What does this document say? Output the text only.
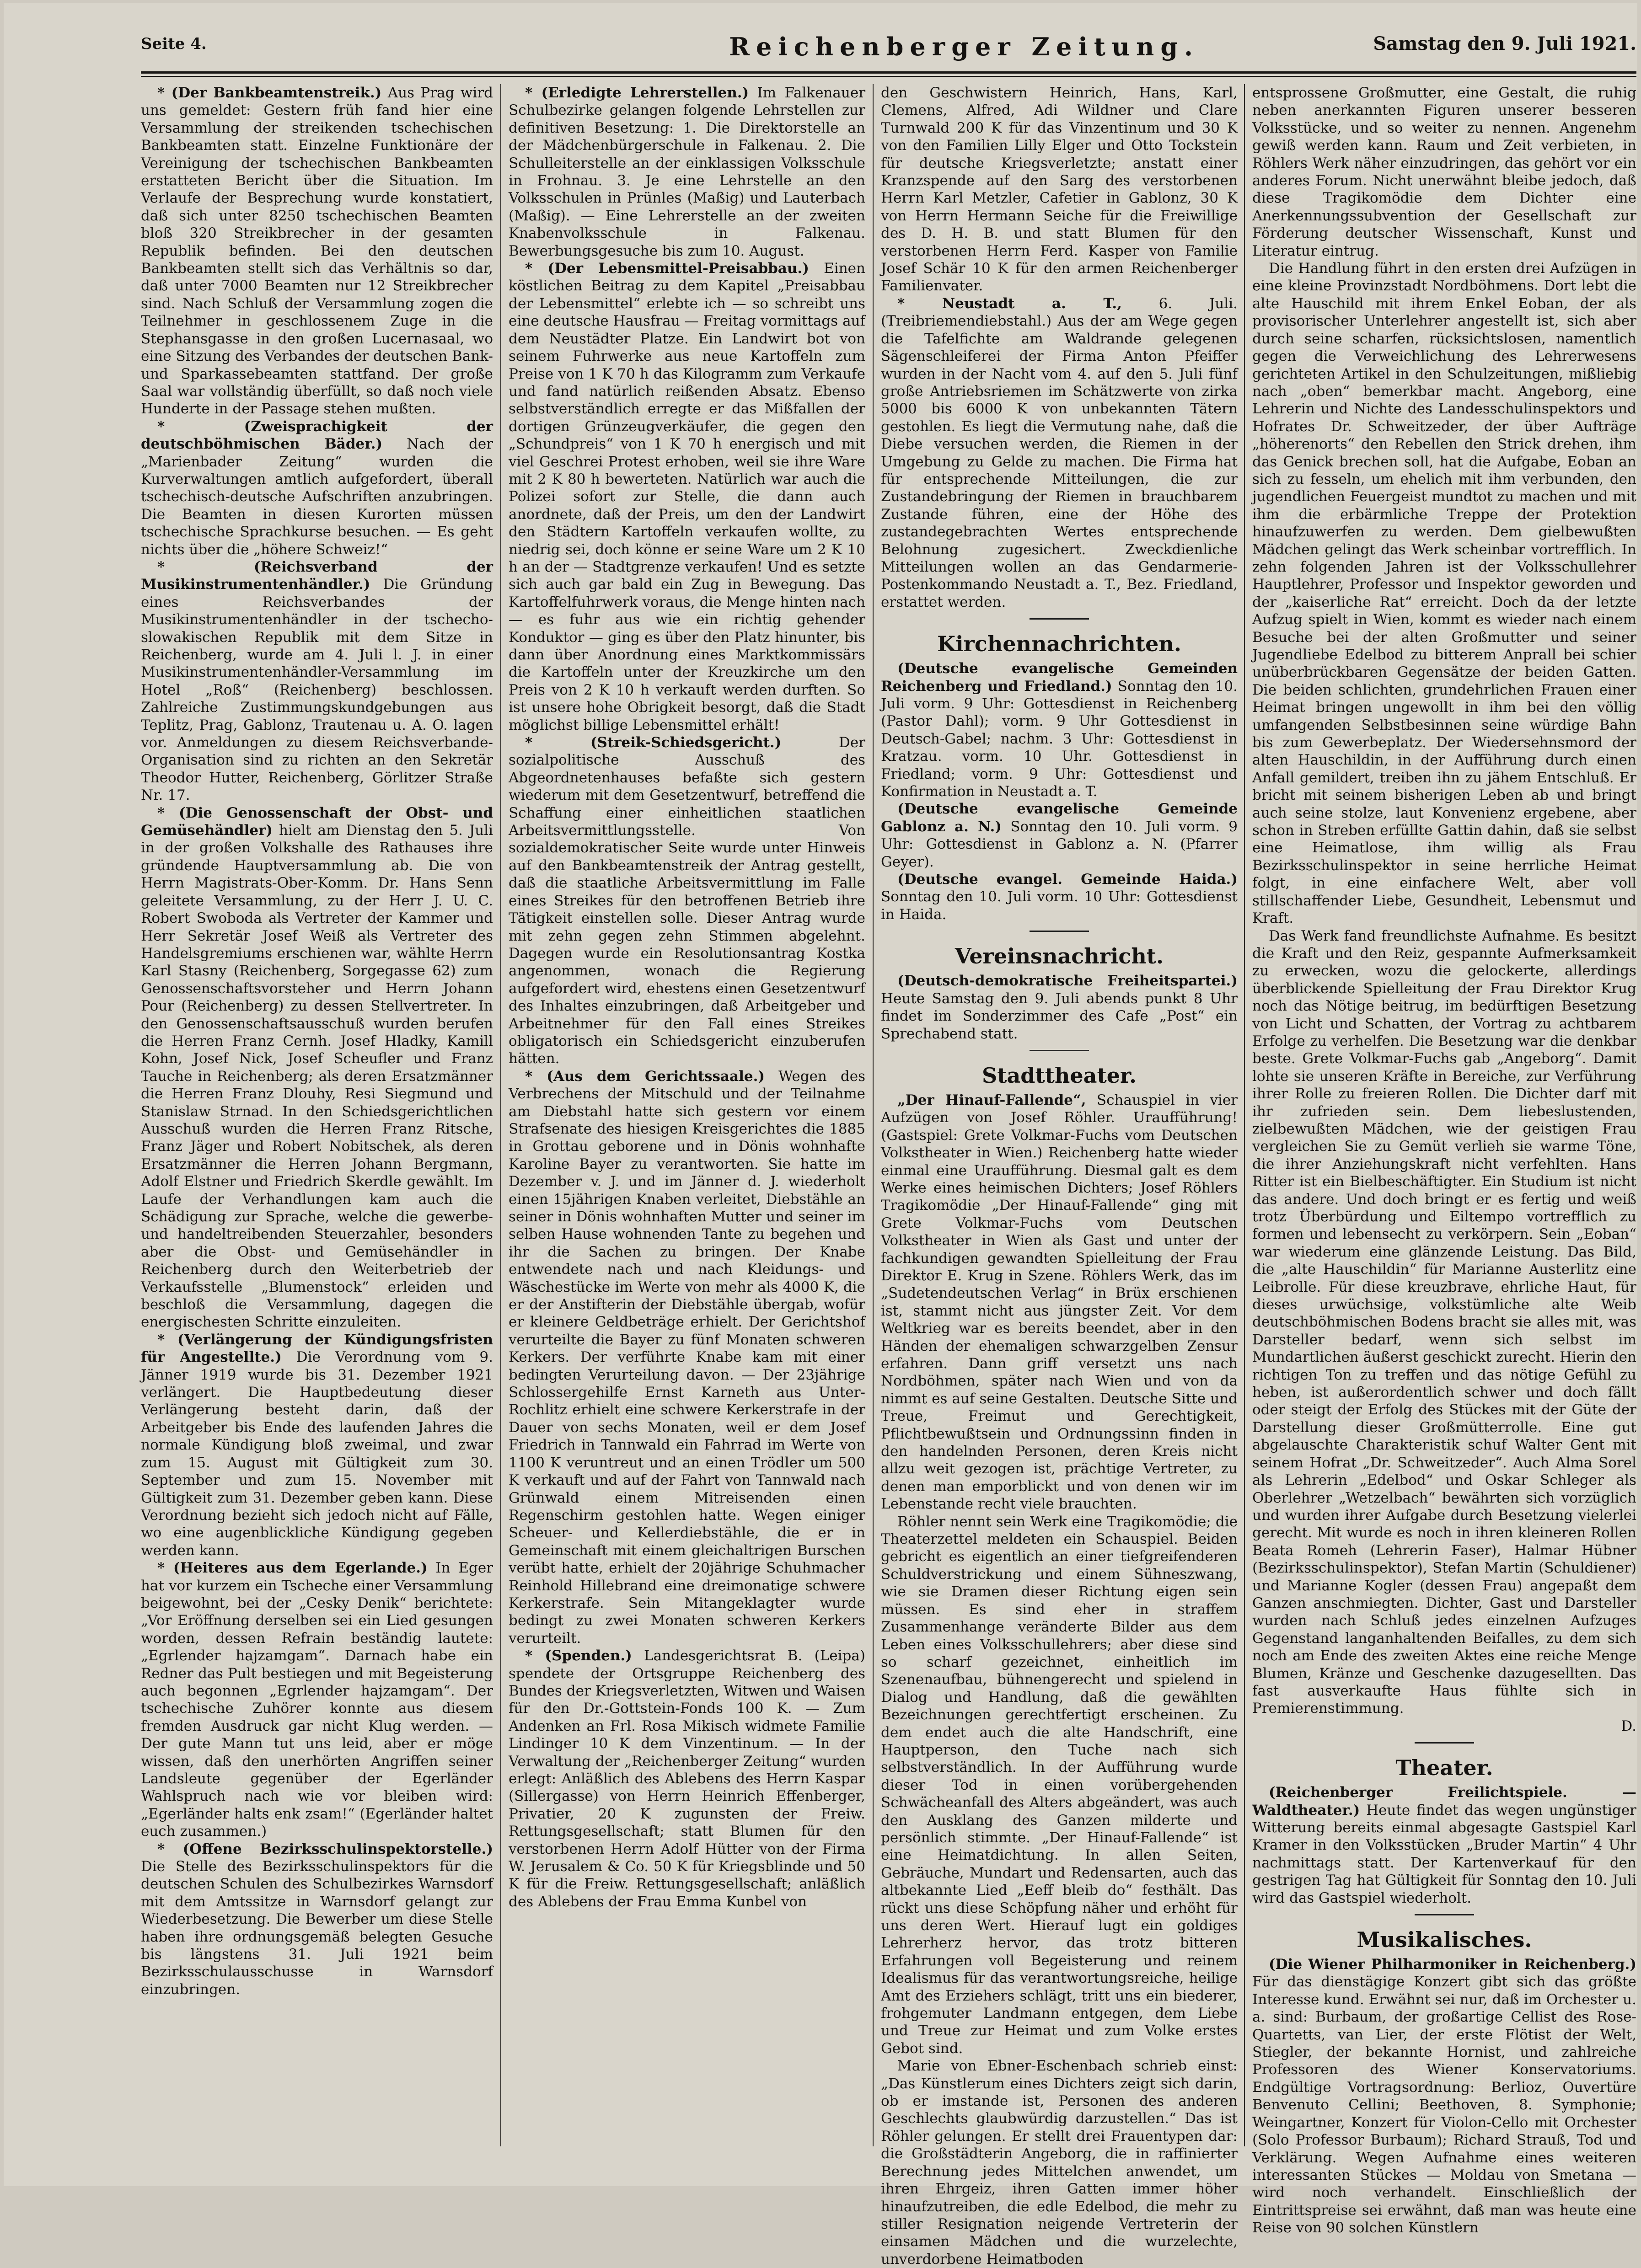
Seite 4.	Reichenberger Zeitung.	Samstag den 9. Juli 1921.

* (Der Bankbeamtenstreik.) Aus Prag wird uns gemeldet: Gestern früh fand hier eine Versammlung der streikenden tschechischen Bankbeamten statt. Einzelne Funktionäre der Vereinigung der tschechischen Bankbeamten erstatteten Bericht über die Situation. Im Verlaufe der Besprechung wurde konstatiert, daß sich unter 8250 tschechischen Beamten bloß 320 Streikbrecher in der gesamten Republik befinden. Bei den deutschen Bankbeamten stellt sich das Verhältnis so dar, daß unter 7000 Beamten nur 12 Streikbrecher sind. Nach Schluß der Versammlung zogen die Teilnehmer in geschlossenem Zuge in die Stephansgasse in den großen Lucernasaal, wo eine Sitzung des Verbandes der deutschen Bank- und Sparkassebeamten stattfand. Der große Saal war vollständig überfüllt, so daß noch viele Hunderte in der Passage stehen mußten.

* (Zweisprachigkeit der deutschböhmischen Bäder.) Nach der „Marienbader Zeitung“ wurden die Kurverwaltungen amtlich aufgefordert, überall tschechisch-deutsche Aufschriften anzubringen. Die Beamten in diesen Kurorten müssen tschechische Sprachkurse besuchen. — Es geht nichts über die „höhere Schweiz!“

* (Reichsverband der Musikinstrumentenhändler.) Die Gründung eines Reichsverbandes der Musikinstrumentenhändler in der tschecho-slowakischen Republik mit dem Sitze in Reichenberg, wurde am 4. Juli l. J. in einer Musikinstrumentenhändler-Versammlung im Hotel „Roß“ (Reichenberg) beschlossen. Zahlreiche Zustimmungskundgebungen aus Teplitz, Prag, Gablonz, Trautenau u. A. O. lagen vor. Anmeldungen zu diesem Reichsverbande-Organisation sind zu richten an den Sekretär Theodor Hutter, Reichenberg, Görlitzer Straße Nr. 17.

* (Die Genossenschaft der Obst- und Gemüsehändler) hielt am Dienstag den 5. Juli in der großen Volkshalle des Rathauses ihre gründende Hauptversammlung ab. Die von Herrn Magistrats-Ober-Komm. Dr. Hans Senn geleitete Versammlung, zu der Herr J. U. C. Robert Swoboda als Vertreter der Kammer und Herr Sekretär Josef Weiß als Vertreter des Handelsgremiums erschienen war, wählte Herrn Karl Stasny (Reichenberg, Sorgegasse 62) zum Genossenschaftsvorsteher und Herrn Johann Pour (Reichenberg) zu dessen Stellvertreter. In den Genossenschaftsausschuß wurden berufen die Herren Franz Cernh. Josef Hladky, Kamill Kohn, Josef Nick, Josef Scheufler und Franz Tauche in Reichenberg; als deren Ersatzmänner die Herren Franz Dlouhy, Resi Siegmund und Stanislaw Strnad. In den Schiedsgerichtlichen Ausschuß wurden die Herren Franz Ritsche, Franz Jäger und Robert Nobitschek, als deren Ersatzmänner die Herren Johann Bergmann, Adolf Elstner und Friedrich Skerdle gewählt. Im Laufe der Verhandlungen kam auch die Schädigung zur Sprache, welche die gewerbe- und handeltreibenden Steuerzahler, besonders aber die Obst- und Gemüsehändler in Reichenberg durch den Weiterbetrieb der Verkaufsstelle „Blumenstock“ erleiden und beschloß die Versammlung, dagegen die energischesten Schritte einzuleiten.

* (Verlängerung der Kündigungsfristen für Angestellte.) Die Verordnung vom 9. Jänner 1919 wurde bis 31. Dezember 1921 verlängert. Die Hauptbedeutung dieser Verlängerung besteht darin, daß der Arbeitgeber bis Ende des laufenden Jahres die normale Kündigung bloß zweimal, und zwar zum 15. August mit Gültigkeit zum 30. September und zum 15. November mit Gültigkeit zum 31. Dezember geben kann. Diese Verordnung bezieht sich jedoch nicht auf Fälle, wo eine augenblickliche Kündigung gegeben werden kann.

* (Heiteres aus dem Egerlande.) In Eger hat vor kurzem ein Tscheche einer Versammlung beigewohnt, bei der „Cesky Denik“ berichtete: „Vor Eröffnung derselben sei ein Lied gesungen worden, dessen Refrain beständig lautete: „Egrlender hajzamgam“. Darnach habe ein Redner das Pult bestiegen und mit Begeisterung auch begonnen „Egrlender hajzamgam“. Der tschechische Zuhörer konnte aus diesem fremden Ausdruck gar nicht Klug werden. — Der gute Mann tut uns leid, aber er möge wissen, daß den unerhörten Angriffen seiner Landsleute gegenüber der Egerländer Wahlspruch nach wie vor bleiben wird: „Egerländer halts enk zsam!“ (Egerländer haltet euch zusammen.)

* (Offene Bezirksschulinspektorstelle.) Die Stelle des Bezirksschulinspektors für die deutschen Schulen des Schulbezirkes Warnsdorf mit dem Amtssitze in Warnsdorf gelangt zur Wiederbesetzung. Die Bewerber um diese Stelle haben ihre ordnungsgemäß belegten Gesuche bis längstens 31. Juli 1921 beim Bezirksschulausschusse in Warnsdorf einzubringen.

* (Erledigte Lehrerstellen.) Im Falkenauer Schulbezirke gelangen folgende Lehrstellen zur definitiven Besetzung: 1. Die Direktorstelle an der Mädchenbürgerschule in Falkenau. 2. Die Schulleiterstelle an der einklassigen Volksschule in Frohnau. 3. Je eine Lehrstelle an den Volksschulen in Prünles (Maßig) und Lauterbach (Maßig). — Eine Lehrerstelle an der zweiten Knabenvolksschule in Falkenau. Bewerbungsgesuche bis zum 10. August.

* (Der Lebensmittel-Preisabbau.) Einen köstlichen Beitrag zu dem Kapitel „Preisabbau der Lebensmittel“ erlebte ich — so schreibt uns eine deutsche Hausfrau — Freitag vormittags auf dem Neustädter Platze. Ein Landwirt bot von seinem Fuhrwerke aus neue Kartoffeln zum Preise von 1 K 70 h das Kilogramm zum Verkaufe und fand natürlich reißenden Absatz. Ebenso selbstverständlich erregte er das Mißfallen der dortigen Grünzeugverkäufer, die gegen den „Schundpreis“ von 1 K 70 h energisch und mit viel Geschrei Protest erhoben, weil sie ihre Ware mit 2 K 80 h bewerteten. Natürlich war auch die Polizei sofort zur Stelle, die dann auch anordnete, daß der Preis, um den der Landwirt den Städtern Kartoffeln verkaufen wollte, zu niedrig sei, doch könne er seine Ware um 2 K 10 h an der — Stadtgrenze verkaufen! Und es setzte sich auch gar bald ein Zug in Bewegung. Das Kartoffelfuhrwerk voraus, die Menge hinten nach — es fuhr aus wie ein richtig gehender Konduktor — ging es über den Platz hinunter, bis dann über Anordnung eines Marktkommissärs die Kartoffeln unter der Kreuzkirche um den Preis von 2 K 10 h verkauft werden durften. So ist unsere hohe Obrigkeit besorgt, daß die Stadt möglichst billige Lebensmittel erhält!

* (Streik-Schiedsgericht.) Der sozialpolitische Ausschuß des Abgeordnetenhauses befaßte sich gestern wiederum mit dem Gesetzentwurf, betreffend die Schaffung einer einheitlichen staatlichen Arbeitsvermittlungsstelle. Von sozialdemokratischer Seite wurde unter Hinweis auf den Bankbeamtenstreik der Antrag gestellt, daß die staatliche Arbeitsvermittlung im Falle eines Streikes für den betroffenen Betrieb ihre Tätigkeit einstellen solle. Dieser Antrag wurde mit zehn gegen zehn Stimmen abgelehnt. Dagegen wurde ein Resolutionsantrag Kostka angenommen, wonach die Regierung aufgefordert wird, ehestens einen Gesetzentwurf des Inhaltes einzubringen, daß Arbeitgeber und Arbeitnehmer für den Fall eines Streikes obligatorisch ein Schiedsgericht einzuberufen hätten.

* (Aus dem Gerichtssaale.) Wegen des Verbrechens der Mitschuld und der Teilnahme am Diebstahl hatte sich gestern vor einem Strafsenate des hiesigen Kreisgerichtes die 1885 in Grottau geborene und in Dönis wohnhafte Karoline Bayer zu verantworten. Sie hatte im Dezember v. J. und im Jänner d. J. wiederholt einen 15jährigen Knaben verleitet, Diebstähle an seiner in Dönis wohnhaften Mutter und seiner im selben Hause wohnenden Tante zu begehen und ihr die Sachen zu bringen. Der Knabe entwendete nach und nach Kleidungs- und Wäschestücke im Werte von mehr als 4000 K, die er der Anstifterin der Diebstähle übergab, wofür er kleinere Geldbeträge erhielt. Der Gerichtshof verurteilte die Bayer zu fünf Monaten schweren Kerkers. Der verführte Knabe kam mit einer bedingten Verurteilung davon. — Der 23jährige Schlossergehilfe Ernst Karneth aus Unter-Rochlitz erhielt eine schwere Kerkerstrafe in der Dauer von sechs Monaten, weil er dem Josef Friedrich in Tannwald ein Fahrrad im Werte von 1100 K veruntreut und an einen Trödler um 500 K verkauft und auf der Fahrt von Tannwald nach Grünwald einem Mitreisenden einen Regenschirm gestohlen hatte. Wegen einiger Scheuer- und Kellerdiebstähle, die er in Gemeinschaft mit einem gleichaltrigen Burschen verübt hatte, erhielt der 20jährige Schuhmacher Reinhold Hillebrand eine dreimonatige schwere Kerkerstrafe. Sein Mitangeklagter wurde bedingt zu zwei Monaten schweren Kerkers verurteilt.

* (Spenden.) Landesgerichtsrat B. (Leipa) spendete der Ortsgruppe Reichenberg des Bundes der Kriegsverletzten, Witwen und Waisen für den Dr.-Gottstein-Fonds 100 K. — Zum Andenken an Frl. Rosa Mikisch widmete Familie Lindinger 10 K dem Vinzentinum. — In der Verwaltung der „Reichenberger Zeitung“ wurden erlegt: Anläßlich des Ablebens des Herrn Kaspar (Sillergasse) von Herrn Heinrich Effenberger, Privatier, 20 K zugunsten der Freiw. Rettungsgesellschaft; statt Blumen für den verstorbenen Herrn Adolf Hütter von der Firma W. Jerusalem & Co. 50 K für Kriegsblinde und 50 K für die Freiw. Rettungsgesellschaft; anläßlich des Ablebens der Frau Emma Kunbel von

den Geschwistern Heinrich, Hans, Karl, Clemens, Alfred, Adi Wildner und Clare Turnwald 200 K für das Vinzentinum und 30 K von den Familien Lilly Elger und Otto Tockstein für deutsche Kriegsverletzte; anstatt einer Kranzspende auf den Sarg des verstorbenen Herrn Karl Metzler, Cafetier in Gablonz, 30 K von Herrn Hermann Seiche für die Freiwillige des D. H. B. und statt Blumen für den verstorbenen Herrn Ferd. Kasper von Familie Josef Schär 10 K für den armen Reichenberger Familienvater.

* Neustadt a. T., 6. Juli. (Treibriemendiebstahl.) Aus der am Wege gegen die Tafelfichte am Waldrande gelegenen Sägenschleiferei der Firma Anton Pfeiffer wurden in der Nacht vom 4. auf den 5. Juli fünf große Antriebsriemen im Schätzwerte von zirka 5000 bis 6000 K von unbekannten Tätern gestohlen. Es liegt die Vermutung nahe, daß die Diebe versuchen werden, die Riemen in der Umgebung zu Gelde zu machen. Die Firma hat für entsprechende Mitteilungen, die zur Zustandebringung der Riemen in brauchbarem Zustande führen, eine der Höhe des zustandegebrachten Wertes entsprechende Belohnung zugesichert. Zweckdienliche Mitteilungen wollen an das Gendarmerie-Postenkommando Neustadt a. T., Bez. Friedland, erstattet werden.

Kirchennachrichten.

(Deutsche evangelische Gemeinden Reichenberg und Friedland.) Sonntag den 10. Juli vorm. 9 Uhr: Gottesdienst in Reichenberg (Pastor Dahl); vorm. 9 Uhr Gottesdienst in Deutsch-Gabel; nachm. 3 Uhr: Gottesdienst in Kratzau. vorm. 10 Uhr. Gottesdienst in Friedland; vorm. 9 Uhr: Gottesdienst und Konfirmation in Neustadt a. T.

(Deutsche evangelische Gemeinde Gablonz a. N.) Sonntag den 10. Juli vorm. 9 Uhr: Gottesdienst in Gablonz a. N. (Pfarrer Geyer).

(Deutsche evangel. Gemeinde Haida.) Sonntag den 10. Juli vorm. 10 Uhr: Gottesdienst in Haida.

Vereinsnachricht.

(Deutsch-demokratische Freiheitspartei.) Heute Samstag den 9. Juli abends punkt 8 Uhr findet im Sonderzimmer des Cafe „Post“ ein Sprechabend statt.

Stadttheater.

„Der Hinauf-Fallende“, Schauspiel in vier Aufzügen von Josef Röhler. Uraufführung! (Gastspiel: Grete Volkmar-Fuchs vom Deutschen Volkstheater in Wien.) Reichenberg hatte wieder einmal eine Uraufführung. Diesmal galt es dem Werke eines heimischen Dichters; Josef Röhlers Tragikomödie „Der Hinauf-Fallende“ ging mit Grete Volkmar-Fuchs vom Deutschen Volkstheater in Wien als Gast und unter der fachkundigen gewandten Spielleitung der Frau Direktor E. Krug in Szene. Röhlers Werk, das im „Sudetendeutschen Verlag“ in Brüx erschienen ist, stammt nicht aus jüngster Zeit. Vor dem Weltkrieg war es bereits beendet, aber in den Händen der ehemaligen schwarzgelben Zensur erfahren. Dann griff versetzt uns nach Nordböhmen, später nach Wien und von da nimmt es auf seine Gestalten. Deutsche Sitte und Treue, Freimut und Gerechtigkeit, Pflichtbewußtsein und Ordnungssinn finden in den handelnden Personen, deren Kreis nicht allzu weit gezogen ist, prächtige Vertreter, zu denen man emporblickt und von denen wir im Lebenstande recht viele brauchten.

Röhler nennt sein Werk eine Tragikomödie; die Theaterzettel meldeten ein Schauspiel. Beiden gebricht es eigentlich an einer tiefgreifenderen Schuldverstrickung und einem Sühneszwang, wie sie Dramen dieser Richtung eigen sein müssen. Es sind eher in straffem Zusammenhange veränderte Bilder aus dem Leben eines Volksschullehrers; aber diese sind so scharf gezeichnet, einheitlich im Szenenaufbau, bühnengerecht und spielend in Dialog und Handlung, daß die gewählten Bezeichnungen gerechtfertigt erscheinen. Zu dem endet auch die alte Handschrift, eine Hauptperson, den Tuche nach sich selbstverständlich. In der Aufführung wurde dieser Tod in einen vorübergehenden Schwächeanfall des Alters abgeändert, was auch den Ausklang des Ganzen milderte und persönlich stimmte. „Der Hinauf-Fallende“ ist eine Heimatdichtung. In allen Seiten, Gebräuche, Mundart und Redensarten, auch das altbekannte Lied „Eeff bleib do“ festhält. Das rückt uns diese Schöpfung näher und erhöht für uns deren Wert. Hierauf lugt ein goldiges Lehrerherz hervor, das trotz bitteren Erfahrungen voll Begeisterung und reinem Idealismus für das verantwortungsreiche, heilige Amt des Erziehers schlägt, tritt uns ein biederer, frohgemuter Landmann entgegen, dem Liebe und Treue zur Heimat und zum Volke erstes Gebot sind.

Marie von Ebner-Eschenbach schrieb einst: „Das Künstlerum eines Dichters zeigt sich darin, ob er imstande ist, Personen des anderen Geschlechts glaubwürdig darzustellen.“ Das ist Röhler gelungen. Er stellt drei Frauentypen dar: die Großstädterin Angeborg, die in raffinierter Berechnung jedes Mittelchen anwendet, um ihren Ehrgeiz, ihren Gatten immer höher hinaufzutreiben, die edle Edelbod, die mehr zu stiller Resignation neigende Vertreterin der einsamen Mädchen und die wurzelechte, unverdorbene Heimatboden

entsprossene Großmutter, eine Gestalt, die ruhig neben anerkannten Figuren unserer besseren Volksstücke, und so weiter zu nennen. Angenehm gewiß werden kann. Raum und Zeit verbieten, in Röhlers Werk näher einzudringen, das gehört vor ein anderes Forum. Nicht unerwähnt bleibe jedoch, daß diese Tragikomödie dem Dichter eine Anerkennungssubvention der Gesellschaft zur Förderung deutscher Wissenschaft, Kunst und Literatur eintrug.

Die Handlung führt in den ersten drei Aufzügen in eine kleine Provinzstadt Nordböhmens. Dort lebt die alte Hauschild mit ihrem Enkel Eoban, der als provisorischer Unterlehrer angestellt ist, sich aber durch seine scharfen, rücksichtslosen, namentlich gegen die Verweichlichung des Lehrerwesens gerichteten Artikel in den Schulzeitungen, mißliebig nach „oben“ bemerkbar macht. Angeborg, eine Lehrerin und Nichte des Landesschulinspektors und Hofrates Dr. Schweitzeder, der über Aufträge „höherenorts“ den Rebellen den Strick drehen, ihm das Genick brechen soll, hat die Aufgabe, Eoban an sich zu fesseln, um ehelich mit ihm verbunden, den jugendlichen Feuergeist mundtot zu machen und mit ihm die erbärmliche Treppe der Protektion hinaufzuwerfen zu werden. Dem gielbewußten Mädchen gelingt das Werk scheinbar vortrefflich. In zehn folgenden Jahren ist der Volksschullehrer Hauptlehrer, Professor und Inspektor geworden und der „kaiserliche Rat“ erreicht. Doch da der letzte Aufzug spielt in Wien, kommt es wieder nach einem Besuche bei der alten Großmutter und seiner Jugendliebe Edelbod zu bitterem Anprall bei schier unüberbrückbaren Gegensätze der beiden Gatten. Die beiden schlichten, grundehrlichen Frauen einer Heimat bringen ungewollt in ihm bei den völlig umfangenden Selbstbesinnen seine würdige Bahn bis zum Gewerbeplatz. Der Wiedersehnsmord der alten Hauschildin, in der Aufführung durch einen Anfall gemildert, treiben ihn zu jähem Entschluß. Er bricht mit seinem bisherigen Leben ab und bringt auch seine stolze, laut Konvenienz ergebene, aber schon in Streben erfüllte Gattin dahin, daß sie selbst eine Heimatlose, ihm willig als Frau Bezirksschulinspektor in seine herrliche Heimat folgt, in eine einfachere Welt, aber voll stillschaffender Liebe, Gesundheit, Lebensmut und Kraft.

Das Werk fand freundlichste Aufnahme. Es besitzt die Kraft und den Reiz, gespannte Aufmerksamkeit zu erwecken, wozu die gelockerte, allerdings überblickende Spielleitung der Frau Direktor Krug noch das Nötige beitrug, im bedürftigen Besetzung von Licht und Schatten, der Vortrag zu achtbarem Erfolge zu verhelfen. Die Besetzung war die denkbar beste. Grete Volkmar-Fuchs gab „Angeborg“. Damit lohte sie unseren Kräfte in Bereiche, zur Verführung ihrer Rolle zu freieren Rollen. Die Dichter darf mit ihr zufrieden sein. Dem liebeslustenden, zielbewußten Mädchen, wie der geistigen Frau vergleichen Sie zu Gemüt verlieh sie warme Töne, die ihrer Anziehungskraft nicht verfehlten. Hans Ritter ist ein Bielbeschäftigter. Ein Studium ist nicht das andere. Und doch bringt er es fertig und weiß trotz Überbürdung und Eiltempo vortrefflich zu formen und lebensecht zu verkörpern. Sein „Eoban“ war wiederum eine glänzende Leistung. Das Bild, die „alte Hauschildin“ für Marianne Austerlitz eine Leibrolle. Für diese kreuzbrave, ehrliche Haut, für dieses urwüchsige, volkstümliche alte Weib deutschböhmischen Bodens bracht sie alles mit, was Darsteller bedarf, wenn sich selbst im Mundartlichen äußerst geschickt zurecht. Hierin den richtigen Ton zu treffen und das nötige Gefühl zu heben, ist außerordentlich schwer und doch fällt oder steigt der Erfolg des Stückes mit der Güte der Darstellung dieser Großmütterrolle. Eine gut abgelauschte Charakteristik schuf Walter Gent mit seinem Hofrat „Dr. Schweitzeder“. Auch Alma Sorel als Lehrerin „Edelbod“ und Oskar Schleger als Oberlehrer „Wetzelbach“ bewährten sich vorzüglich und wurden ihrer Aufgabe durch Besetzung vielerlei gerecht. Mit wurde es noch in ihren kleineren Rollen Beata Romeh (Lehrerin Faser), Halmar Hübner (Bezirksschulinspektor), Stefan Martin (Schuldiener) und Marianne Kogler (dessen Frau) angepaßt dem Ganzen anschmiegten. Dichter, Gast und Darsteller wurden nach Schluß jedes einzelnen Aufzuges Gegenstand langanhaltenden Beifalles, zu dem sich noch am Ende des zweiten Aktes eine reiche Menge Blumen, Kränze und Geschenke dazugesellten. Das fast ausverkaufte Haus fühlte sich in Premierenstimmung.

D.

Theater.

(Reichenberger Freilichtspiele. — Waldtheater.) Heute findet das wegen ungünstiger Witterung bereits einmal abgesagte Gastspiel Karl Kramer in den Volksstücken „Bruder Martin“ 4 Uhr nachmittags statt. Der Kartenverkauf für den gestrigen Tag hat Gültigkeit für Sonntag den 10. Juli wird das Gastspiel wiederholt.

Musikalisches.

(Die Wiener Philharmoniker in Reichenberg.) Für das dienstägige Konzert gibt sich das größte Interesse kund. Erwähnt sei nur, daß im Orchester u. a. sind: Burbaum, der großartige Cellist des Rose-Quartetts, van Lier, der erste Flötist der Welt, Stiegler, der bekannte Hornist, und zahlreiche Professoren des Wiener Konservatoriums. Endgültige Vortragsordnung: Berlioz, Ouvertüre Benvenuto Cellini; Beethoven, 8. Symphonie; Weingartner, Konzert für Violon-Cello mit Orchester (Solo Professor Burbaum); Richard Strauß, Tod und Verklärung. Wegen Aufnahme eines weiteren interessanten Stückes — Moldau von Smetana — wird noch verhandelt. Einschließlich der Eintrittspreise sei erwähnt, daß man was heute eine Reise von 90 solchen Künstlern
